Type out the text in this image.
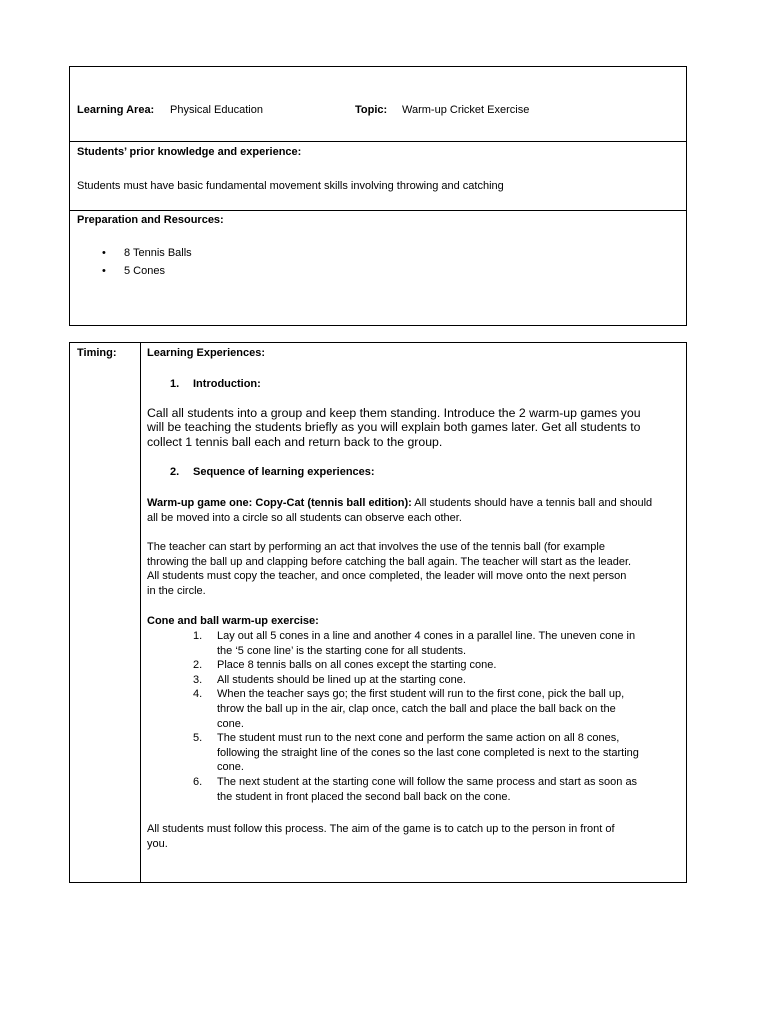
Learning Area: Physical Education	Topic: Warm-up Cricket Exercise
Students’ prior knowledge and experience:
Students must have basic fundamental movement skills involving throwing and catching
Preparation and Resources:
• 8 Tennis Balls
• 5 Cones
Timing:	Learning Experiences:
1. Introduction:
Call all students into a group and keep them standing. Introduce the 2 warm-up games you
will be teaching the students briefly as you will explain both games later. Get all students to
collect 1 tennis ball each and return back to the group.
2. Sequence of learning experiences:
Warm-up game one: Copy-Cat (tennis ball edition): All students should have a tennis ball and should
all be moved into a circle so all students can observe each other.
The teacher can start by performing an act that involves the use of the tennis ball (for example
throwing the ball up and clapping before catching the ball again. The teacher will start as the leader.
All students must copy the teacher, and once completed, the leader will move onto the next person
in the circle.
Cone and ball warm-up exercise:
1. Lay out all 5 cones in a line and another 4 cones in a parallel line. The uneven cone in
the ‘5 cone line’ is the starting cone for all students.
2. Place 8 tennis balls on all cones except the starting cone.
3. All students should be lined up at the starting cone.
4. When the teacher says go; the first student will run to the first cone, pick the ball up,
throw the ball up in the air, clap once, catch the ball and place the ball back on the
cone.
5. The student must run to the next cone and perform the same action on all 8 cones,
following the straight line of the cones so the last cone completed is next to the starting
cone.
6. The next student at the starting cone will follow the same process and start as soon as
the student in front placed the second ball back on the cone.
All students must follow this process. The aim of the game is to catch up to the person in front of
you.
